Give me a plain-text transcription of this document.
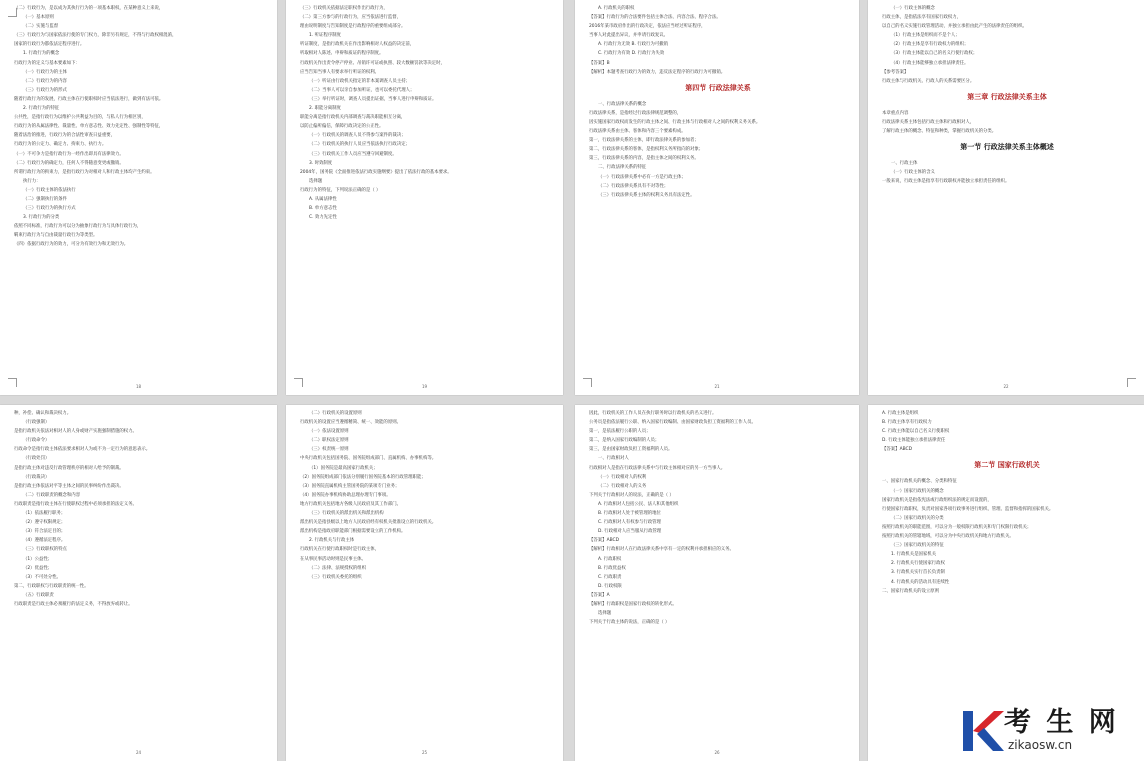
（二）行政行为，是以成为其执行行为的一项基本职权，在某种意义上来说，
（一）基本原则
（二）实施与监督
（三）行政行为与国家依法行使的专门权力，除非另有规定，不得与行政权相混淆，
国家的行政行为都依法定程序进行。
1. 行政行为的概念
行政行为的定义与基本要素如下：
（一）行政行为的主体
（二）行政行为的内容
（三）行政行为的形式
随着行政行为的发展，行政主体在行使职权时应当依法进行，做到有法可依。
2. 行政行为的特征
公共性，是指行政行为以维护公共利益为目的，与私人行为相区别，
行政行为的从属法律性、裁量性、单方意志性、效力先定性、强制性等特征，
随着法治的推进，行政行为的合法性审查日益重要，
行政行为的公定力、确定力、拘束力、执行力。
（一）不可争力是指行政行为一经作出即具有法律效力。
（二）行政行为的确定力，任何人不得随意变更或撤销。
所谓行政行为的拘束力，是指行政行为对相对人和行政主体均产生约束。
执行力：
（一）行政主体的依法执行
（二）强制执行的条件
（三）行政行为的执行方式
3. 行政行为的分类
依照不同标准，行政行为可以分为抽象行政行为与具体行政行为，
羁束行政行为与自由裁量行政行为等类型。
（四）依据行政行为的效力，可分为有效行为和无效行为。
18
（三）行政机关依据法定职权作出行政行为，
（二）第三方参与的行政行为，应当依法进行监督，
理由说明制度与告知制度是行政程序的重要组成部分。
1. 听证程序制度
听证制度，是指行政机关在作出影响相对人权益的决定前，
听取相对人陈述、申辩和质证的程序制度。
行政机关作出责令停产停业、吊销许可证或执照、较大数额罚款等决定时，
应当告知当事人有要求举行听证的权利。
（一）听证由行政机关指定的非本案调查人员主持；
（二）当事人可以亲自参加听证，也可以委托代理人；
（三）举行听证时，调查人员提出证据，当事人进行申辩和质证。
2. 职能分离制度
职能分离是指行政机关内部调查与裁决职能相互分离，
以防止偏听偏信，保障行政决定的公正性。
（一）行政机关的调查人员不得参与案件的裁决；
（二）行政机关的执行人员应当依法执行行政决定；
（三）行政机关工作人员应当遵守回避制度。
3. 时效制度
2004年，国务院《全面推进依法行政实施纲要》提出了依法行政的基本要求。
选择题
行政行为的特征，下列说法正确的是（ ）
A. 从属法律性
B. 单方意志性
C. 效力先定性
19
A. 行政机关的职权
【答案】行政行为的合法要件包括主体合法、内容合法、程序合法。
2016年某市政府作出的行政决定，依法应当经过听证程序，
当事人对此提出异议，并申请行政复议。
A. 行政行为无效 B. 行政行为可撤销
C. 行政行为有效 D. 行政行为失效
【答案】B
【解析】本题考查行政行为的效力，违反法定程序的行政行为可撤销。
第四节 行政法律关系
一、行政法律关系的概念
行政法律关系，是指经过行政法律规范调整的，
因实施国家行政权而发生的行政主体之间、行政主体与行政相对人之间的权利义务关系。
行政法律关系由主体、客体和内容三个要素构成。
第一，行政法律关系的主体，即行政法律关系的参加者；
第二，行政法律关系的客体，是指权利义务所指向的对象；
第三，行政法律关系的内容，是指主体之间的权利义务。
二、行政法律关系的特征
（一）行政法律关系中必有一方是行政主体；
（二）行政法律关系具有不对等性；
（三）行政法律关系主体的权利义务具有法定性。
21
（一）行政主体的概念
行政主体，是指依法享有国家行政权力，
以自己的名义实施行政管理活动，并独立承担由此产生的法律责任的组织。
（1）行政主体是组织而不是个人；
（2）行政主体是享有行政权力的组织；
（3）行政主体能以自己的名义行使行政权；
（4）行政主体能够独立承担法律责任。
【参考答案】
行政主体与行政机关、行政人的关系需要区分。
第三章 行政法律关系主体
本章重点内容
行政法律关系主体包括行政主体和行政相对人，
了解行政主体的概念、特征和种类，掌握行政机关的分类。
第一节 行政法律关系主体概述
一、行政主体
（一）行政主体的含义
一般来说，行政主体是指享有行政职权并能独立承担责任的组织。
22
种，补偿、确认和裁决权力。
（行政强制）
是指行政机关依法对相对人的人身或财产实施强制措施的权力。
（行政命令）
行政命令是指行政主体依法要求相对人为或不为一定行为的意思表示。
（行政处罚）
是指行政主体对违反行政管理秩序的相对人给予的制裁。
（行政裁决）
是指行政主体依法对平等主体之间的民事纠纷作出裁决。
（二）行政职责的概念和内容
行政职责是指行政主体在行使职权过程中必须承担的法定义务。
（1）依法履行职务；
（2）遵守权限规定；
（3）符合法定目的；
（4）遵循法定程序。
（三）行政职权的特点
（1）公益性；
（2）优益性；
（3）不可处分性。
第二，行政职权与行政职责的统一性。
（五）行政职责
行政职责是行政主体必须履行的法定义务，不得放弃或转让。
24
（二）行政机关的设置原则
行政机关的设置应当遵循精简、统一、效能的原则。
（一）依法设置原则
（二）职权法定原则
（三）权责统一原则
中央行政机关包括国务院、国务院组成部门、直属机构、办事机构等。
（1）国务院是最高国家行政机关；
（2）国务院组成部门依法分别履行国务院基本的行政管理职能；
（3）国务院直属机构主管国务院的某项专门业务；
（4）国务院办事机构协助总理办理专门事项。
地方行政机关包括地方各级人民政府及其工作部门。
（三）行政机关的派出机关和派出机构
派出机关是指县级以上地方人民政府经有权机关批准设立的行政机关。
派出机构是指政府职能部门根据需要设立的工作机构。
2. 行政机关与行政主体
行政机关在行使行政职权时是行政主体，
在从事民事活动时则是民事主体。
（二）法律、法规授权的组织
（三）行政机关委托的组织
25
因此，行政机关的工作人员在执行职务时以行政机关的名义进行。
公务员是指依法履行公职、纳入国家行政编制、由国家财政负担工资福利的工作人员。
第一，是依法履行公职的人员；
第二，是纳入国家行政编制的人员；
第三，是由国家财政负担工资福利的人员。
一、行政相对人
行政相对人是指在行政法律关系中与行政主体相对应的另一方当事人。
（一）行政相对人的权利
（二）行政相对人的义务
下列关于行政相对人的说法，正确的是（ ）
A. 行政相对人包括公民、法人和其他组织
B. 行政相对人处于被管理的地位
C. 行政相对人有权参与行政管理
D. 行政相对人应当服从行政管理
【答案】ABCD
【解析】行政相对人在行政法律关系中享有一定的权利并承担相应的义务。
A. 行政职权
B. 行政优益权
C. 行政职责
D. 行政权限
【答案】A
【解析】行政职权是国家行政权的转化形式。
选择题
下列关于行政主体的说法，正确的是（ ）
26
A. 行政主体是组织
B. 行政主体享有行政权力
C. 行政主体能以自己名义行使职权
D. 行政主体能独立承担法律责任
【答案】ABCD
第二节 国家行政机关
一、国家行政机关的概念、分类和特征
（一）国家行政机关的概念
国家行政机关是指依宪法或行政组织法的规定而设置的，
行使国家行政职权，负责对国家各项行政事务进行组织、管理、监督和指挥的国家机关。
（二）国家行政机关的分类
按照行政机关的职能范围，可以分为一般权限行政机关和专门权限行政机关；
按照行政机关的管辖地域，可以分为中央行政机关和地方行政机关。
（三）国家行政机关的特征
1. 行政机关是国家机关
2. 行政机关行使国家行政权
3. 行政机关实行首长负责制
4. 行政机关的活动具有连续性
二、国家行政机关的设立原则
考 生 网
zikaosw.cn
